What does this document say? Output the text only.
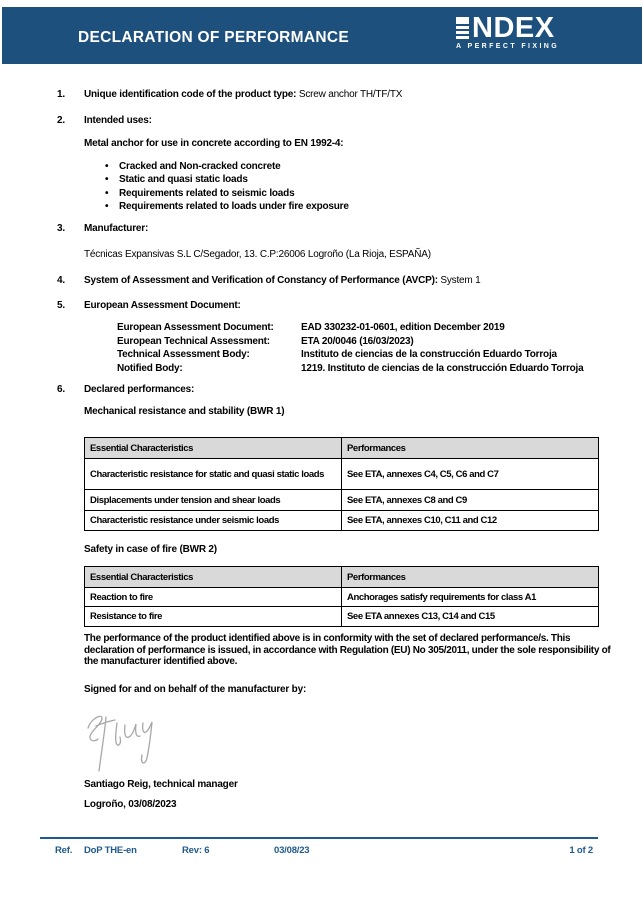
NDEX
A PERFECT FIXING
DECLARATION OF PERFORMANCE
1. Unique identification code of the product type: Screw anchor TH/TF/TX
2. Intended uses:
Metal anchor for use in concrete according to EN 1992-4:
• Cracked and Non-cracked concrete
• Static and quasi static loads
• Requirements related to seismic loads
• Requirements related to loads under fire exposure
3. Manufacturer:
Técnicas Expansivas S.L C/Segador, 13. C.P:26006 Logroño (La Rioja, ESPAÑA)
4. System of Assessment and Verification of Constancy of Performance (AVCP): System 1
5. European Assessment Document:
European Assessment Document:	EAD 330232-01-0601, edition December 2019
European Technical Assessment:	ETA 20/0046 (16/03/2023)
Technical Assessment Body:	Instituto de ciencias de la construcción Eduardo Torroja
Notified Body:	1219. Instituto de ciencias de la construcción Eduardo Torroja
6. Declared performances:
Mechanical resistance and stability (BWR 1)
Essential Characteristics	Performances
Characteristic resistance for static and quasi static loads	See ETA, annexes C4, C5, C6 and C7
Displacements under tension and shear loads	See ETA, annexes C8 and C9
Characteristic resistance under seismic loads	See ETA, annexes C10, C11 and C12
Safety in case of fire (BWR 2)
Essential Characteristics	Performances
Reaction to fire	Anchorages satisfy requirements for class A1
Resistance to fire	See ETA annexes C13, C14 and C15
The performance of the product identified above is in conformity with the set of declared performance/s. This declaration of performance is issued, in accordance with Regulation (EU) No 305/2011, under the sole responsibility of the manufacturer identified above.
Signed for and on behalf of the manufacturer by:
Santiago Reig, technical manager
Logroño, 03/08/2023
Ref. DoP THE-en	Rev: 6	03/08/23	1 of 2
